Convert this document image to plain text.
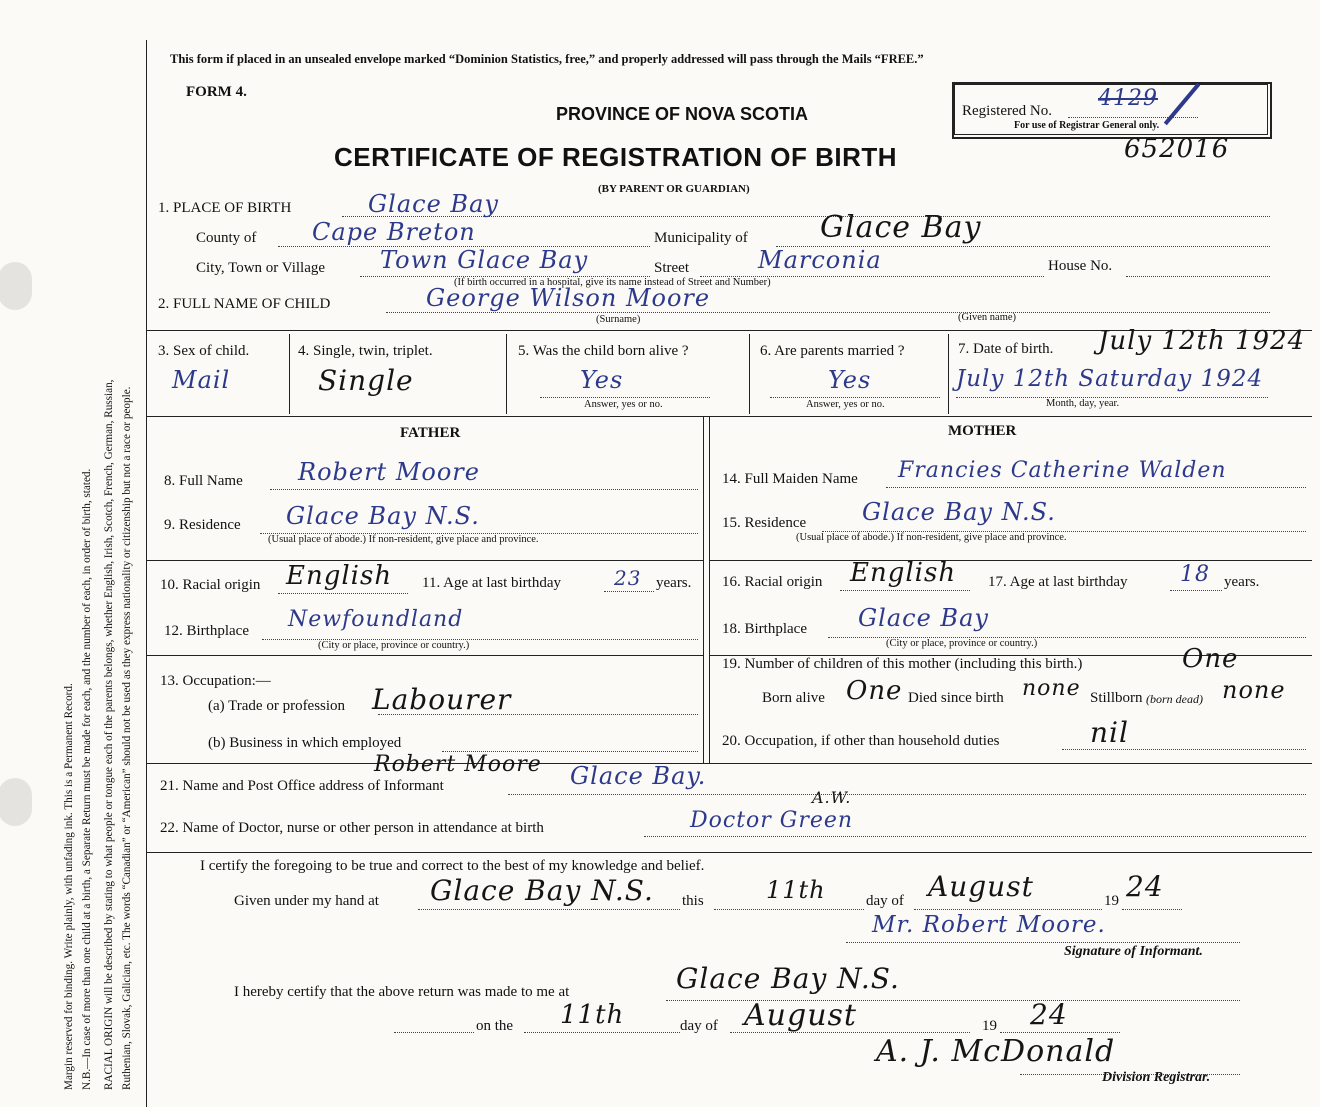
Margin reserved for binding. Write plainly, with unfading ink. This is a Permanent Record. N.B.—In case of more than one child at a birth, a Separate Return must be made for each, and the number of each, in order of birth, stated. RACIAL ORIGIN will be described by stating to what people or tongue each of the parents belongs, whether English, Irish, Scotch, French, German, Russian, Ruthenian, Slovak, Galician, etc. The words “Canadian” or “American” should not be used as they express nationality or citizenship but not a race or people.
This form if placed in an unsealed envelope marked “Dominion Statistics, free,” and properly addressed will pass through the Mails “FREE.”
FORM 4.
PROVINCE OF NOVA SCOTIA
CERTIFICATE OF REGISTRATION OF BIRTH
(BY PARENT OR GUARDIAN)
Registered No.
For use of Registrar General only.
4129
652016
1. PLACE OF BIRTH	Glace Bay
County of Cape Breton	Municipality of Glace Bay
City, Town or Village Town Glace Bay	Street	Marconia	House No.
(If birth occurred in a hospital, give its name instead of Street and Number)
2. FULL NAME OF CHILD	George Wilson Moore
(Surname)	(Given name)
3. Sex of child.
Mail
4. Single, twin, triplet.
Single
5. Was the child born alive ?
Yes
Answer, yes or no.
6. Are parents married ?
Yes
Answer, yes or no.
7. Date of birth. July 12th 1924
July 12th Saturday 1924
Month, day, year.
FATHER	MOTHER
8. Full Name Robert Moore
9. Residence Glace Bay N.S.
(Usual place of abode.) If non-resident, give place and province.
10. Racial origin English 11. Age at last birthday	23 years.
12. Birthplace Newfoundland
(City or place, province or country.)
13. Occupation:—
(a) Trade or profession Labourer
(b) Business in which employed
14. Full Maiden Name Francies Catherine Walden
15. Residence Glace Bay N.S.
(Usual place of abode.) If non-resident, give place and province.
16. Racial origin English 17. Age at last birthday 18 years.
18. Birthplace Glace Bay
(City or place, province or country.)
19. Number of children of this mother (including this birth.)	One
Born alive One Died since birth none Stillborn (born dead) none
20. Occupation, if other than household duties	nil
21. Name and Post Office address of Informant
Robert Moore Glace Bay.
22. Name of Doctor, nurse or other person in attendance at birth	Doctor Green
A.W.
I certify the foregoing to be true and correct to the best of my knowledge and belief.
Given under my hand at Glace Bay N.S. this	11th	day of August	19 24
Mr. Robert Moore.
Signature of Informant.
I hereby certify that the above return was made to me at	Glace Bay N.S.
on the 11th	day of August	19 24
A. J. McDonald
Division Registrar.
